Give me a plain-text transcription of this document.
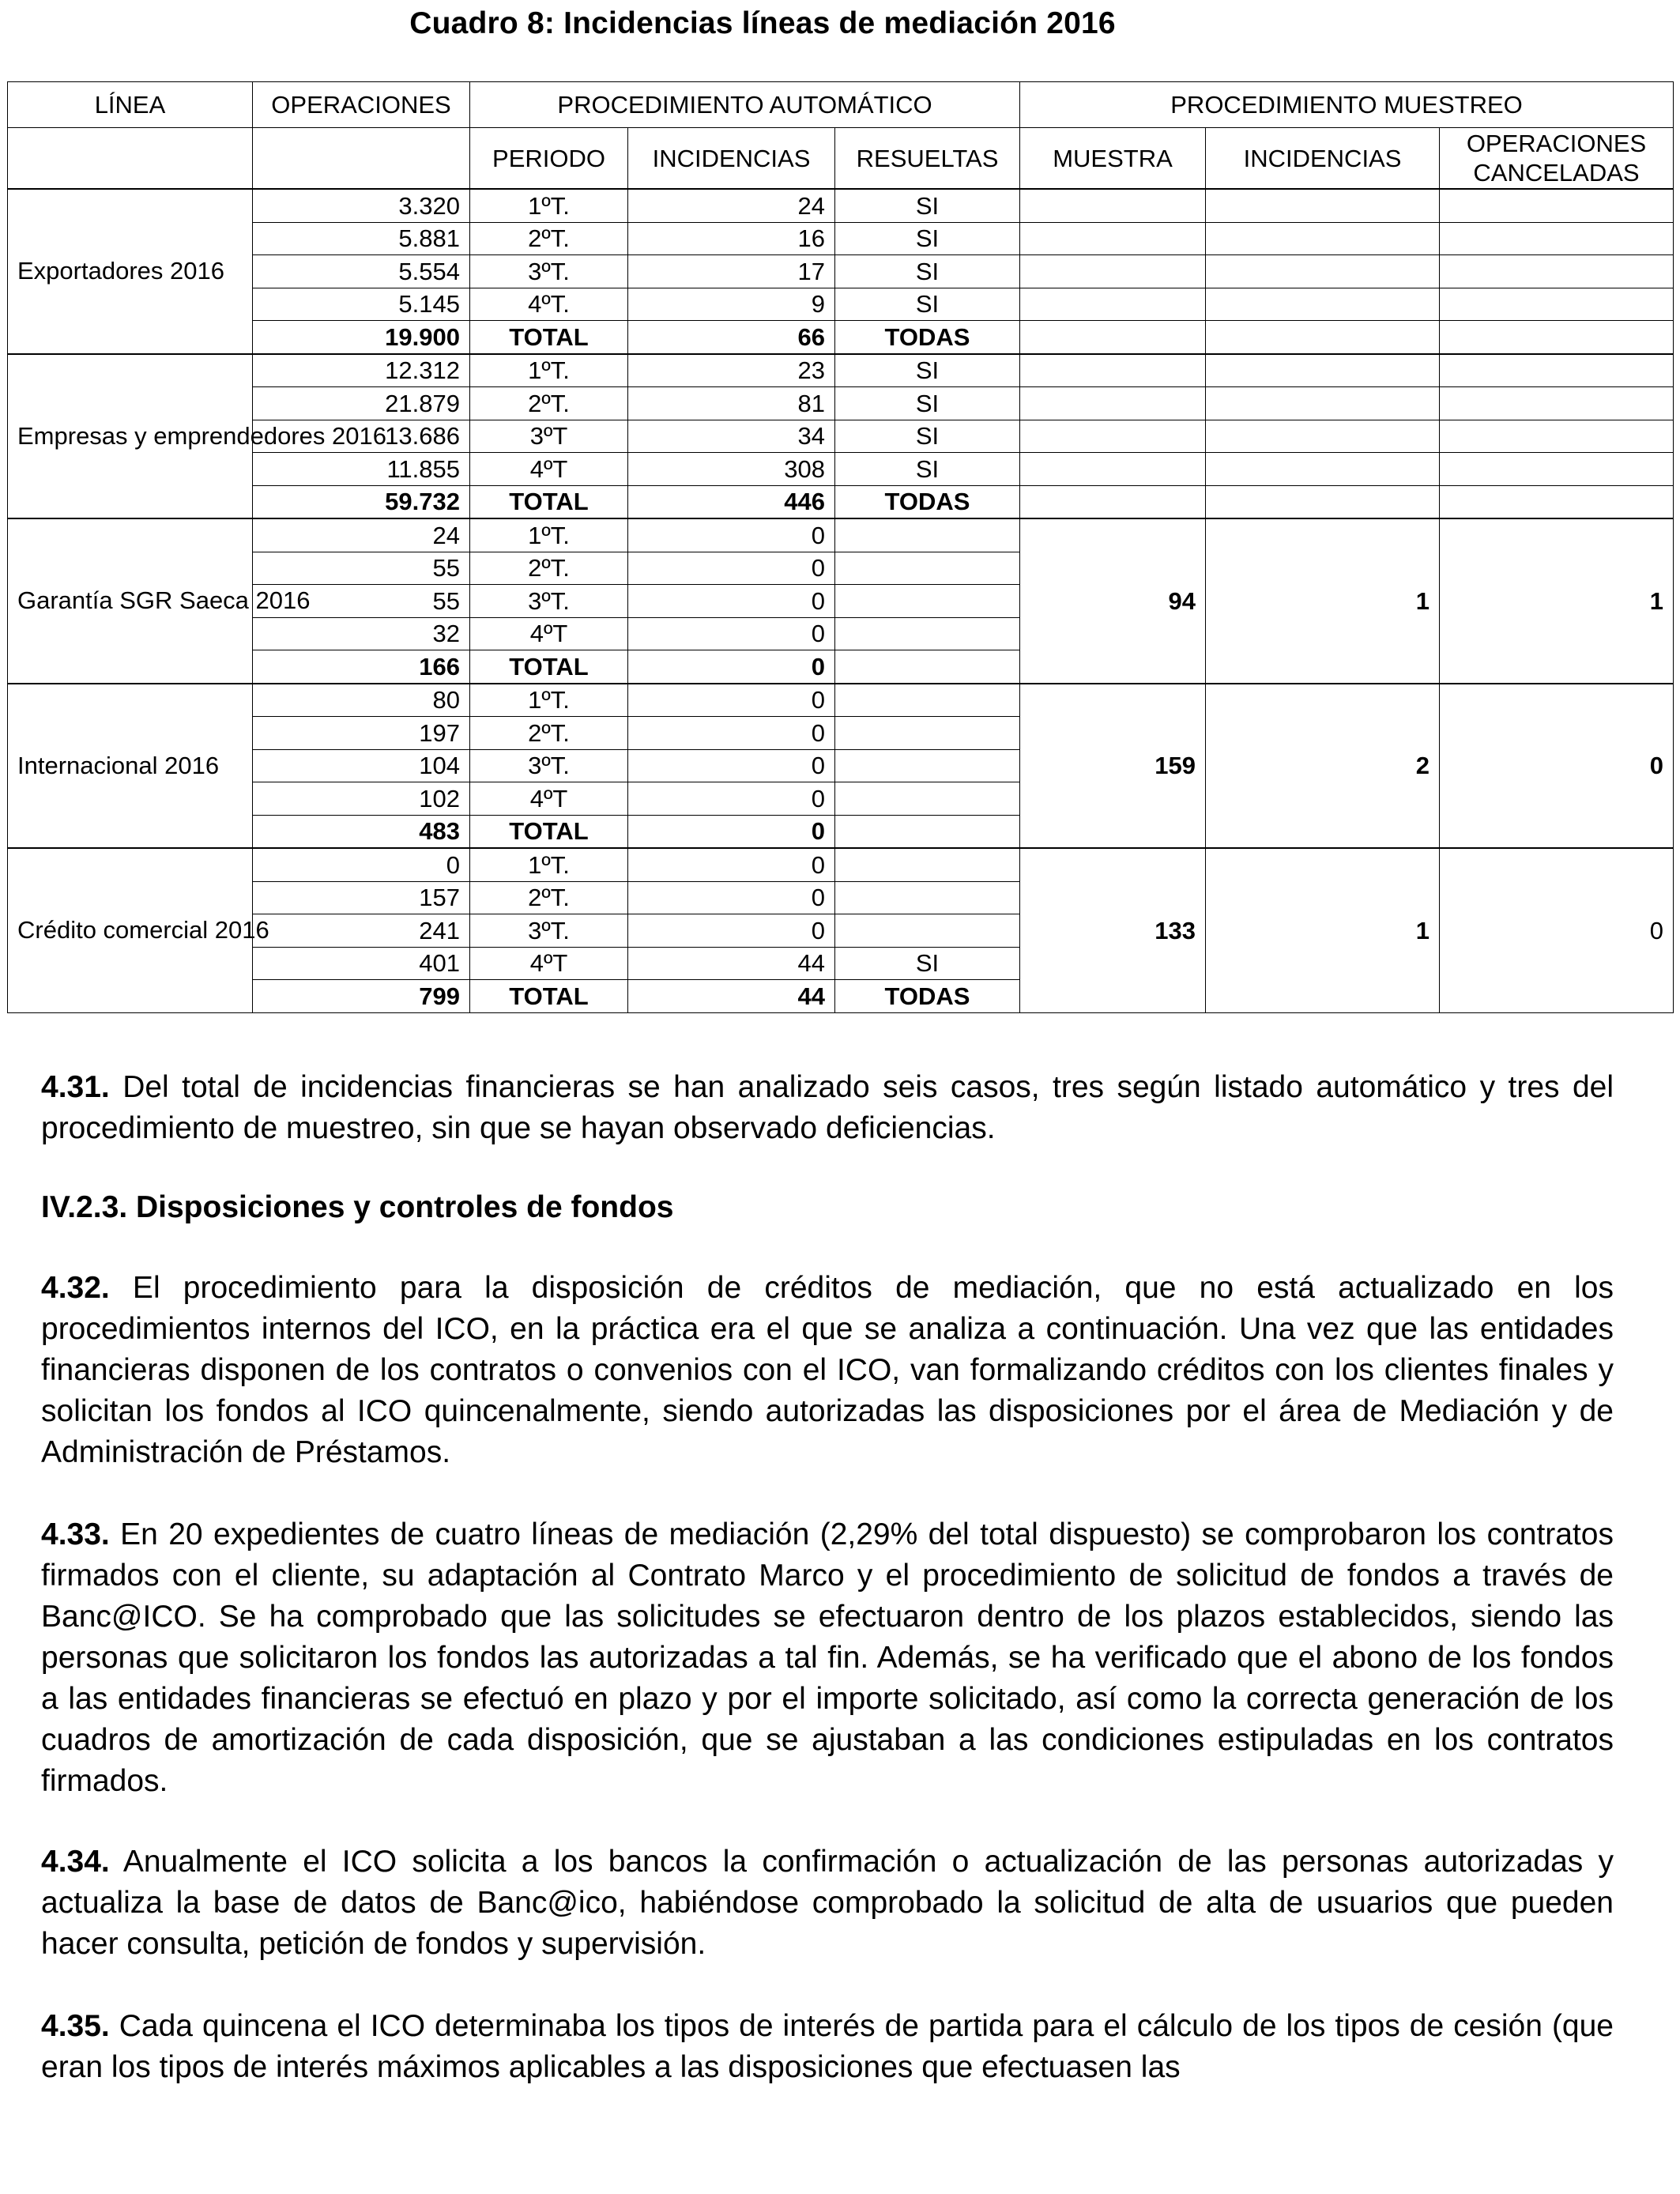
Cuadro 8: Incidencias líneas de mediación 2016
LÍNEA	OPERACIONES	PROCEDIMIENTO AUTOMÁTICO			PROCEDIMIENTO MUESTREO		
		PERIODO	INCIDENCIAS	RESUELTAS	MUESTRA	INCIDENCIAS	OPERACIONES
CANCELADAS
Exportadores 2016	3.320	1ºT.	24	SI			
	5.881	2ºT.	16	SI			
	5.554	3ºT.	17	SI			
	5.145	4ºT.	9	SI			
	19.900	TOTAL	66	TODAS			
Empresas y emprendedores 2016	12.312	1ºT.	23	SI			
	21.879	2ºT.	81	SI			
	13.686	3ºT	34	SI			
	11.855	4ºT	308	SI			
	59.732	TOTAL	446	TODAS			
Garantía SGR Saeca 2016	24	1ºT.	0		94	1	1
	55	2ºT.	0				
	55	3ºT.	0				
	32	4ºT	0				
	166	TOTAL	0				
Internacional 2016	80	1ºT.	0		159	2	0
	197	2ºT.	0				
	104	3ºT.	0				
	102	4ºT	0				
	483	TOTAL	0				
Crédito comercial 2016	0	1ºT.	0		133	1	0
	157	2ºT.	0				
	241	3ºT.	0				
	401	4ºT	44	SI			
	799	TOTAL	44	TODAS			
4.31. Del total de incidencias financieras se han analizado seis casos, tres según listado automático y tres del procedimiento de muestreo, sin que se hayan observado deficiencias.
IV.2.3. Disposiciones y controles de fondos
4.32. El procedimiento para la disposición de créditos de mediación, que no está actualizado en los procedimientos internos del ICO, en la práctica era el que se analiza a continuación. Una vez que las entidades financieras disponen de los contratos o convenios con el ICO, van formalizando créditos con los clientes finales y solicitan los fondos al ICO quincenalmente, siendo autorizadas las disposiciones por el área de Mediación y de Administración de Préstamos.
4.33. En 20 expedientes de cuatro líneas de mediación (2,29% del total dispuesto) se comprobaron los contratos firmados con el cliente, su adaptación al Contrato Marco y el procedimiento de solicitud de fondos a través de Banc@ICO. Se ha comprobado que las solicitudes se efectuaron dentro de los plazos establecidos, siendo las personas que solicitaron los fondos las autorizadas a tal fin. Además, se ha verificado que el abono de los fondos a las entidades financieras se efectuó en plazo y por el importe solicitado, así como la correcta generación de los cuadros de amortización de cada disposición, que se ajustaban a las condiciones estipuladas en los contratos firmados.
4.34. Anualmente el ICO solicita a los bancos la confirmación o actualización de las personas autorizadas y actualiza la base de datos de Banc@ico, habiéndose comprobado la solicitud de alta de usuarios que pueden hacer consulta, petición de fondos y supervisión.
4.35. Cada quincena el ICO determinaba los tipos de interés de partida para el cálculo de los tipos de cesión (que eran los tipos de interés máximos aplicables a las disposiciones que efectuasen las
